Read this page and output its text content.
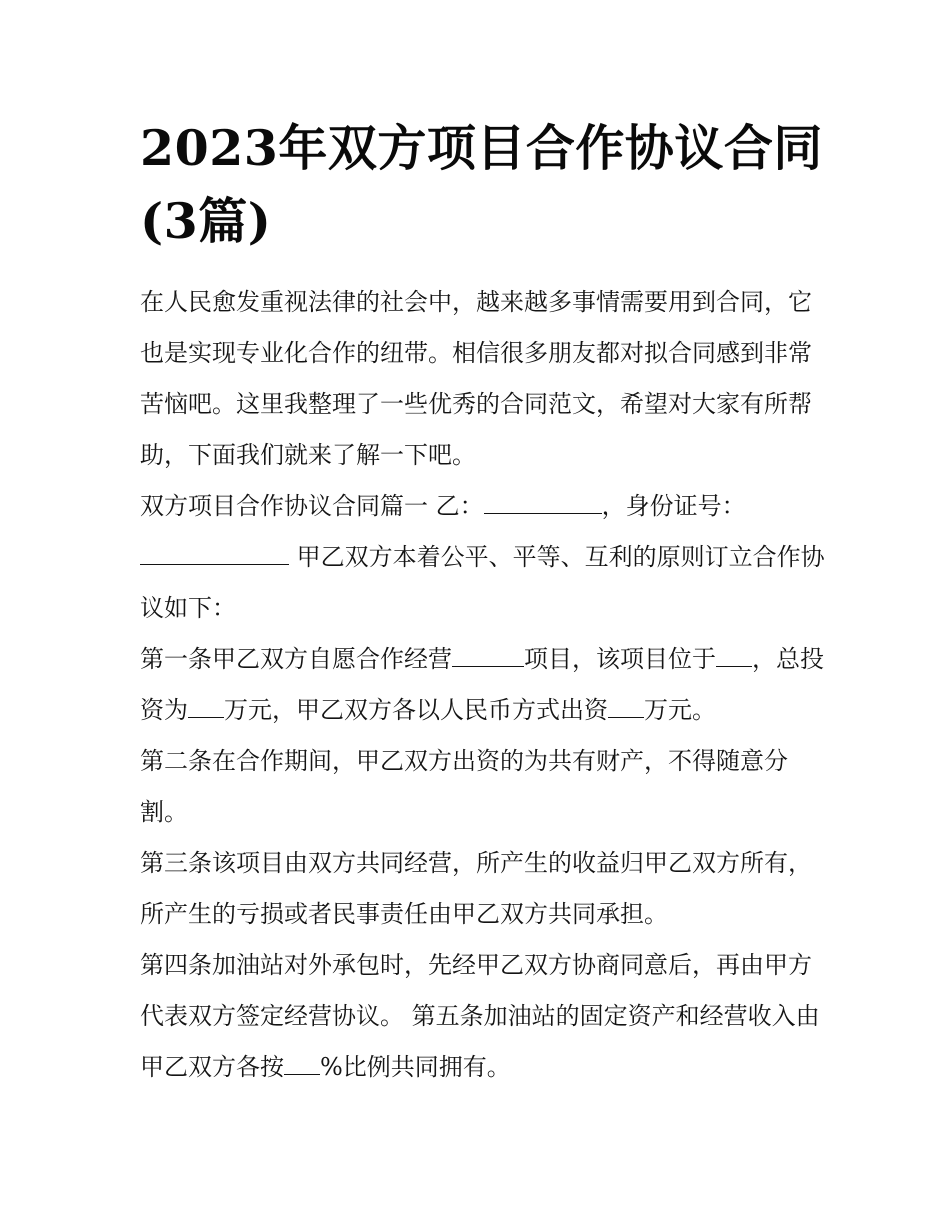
2023年双方项目合作协议合同
(3篇)

在人民愈发重视法律的社会中，越来越多事情需要用到合同，它也是实现专业化合作的纽带。相信很多朋友都对拟合同感到非常苦恼吧。这里我整理了一些优秀的合同范文，希望对大家有所帮助，下面我们就来了解一下吧。

双方项目合作协议合同篇一 乙：	，身份证号： 甲乙双方本着公平、平等、互利的原则订立合作协议如下：

第一条甲乙双方自愿合作经营	项目，该项目位于 ，总投资为 万元，甲乙双方各以人民币方式出资 万元。

第二条在合作期间，甲乙双方出资的为共有财产，不得随意分割。

第三条该项目由双方共同经营，所产生的收益归甲乙双方所有，所产生的亏损或者民事责任由甲乙双方共同承担。

第四条加油站对外承包时，先经甲乙双方协商同意后，再由甲方代表双方签定经营协议。 第五条加油站的固定资产和经营收入由甲乙双方各按 %比例共同拥有。
